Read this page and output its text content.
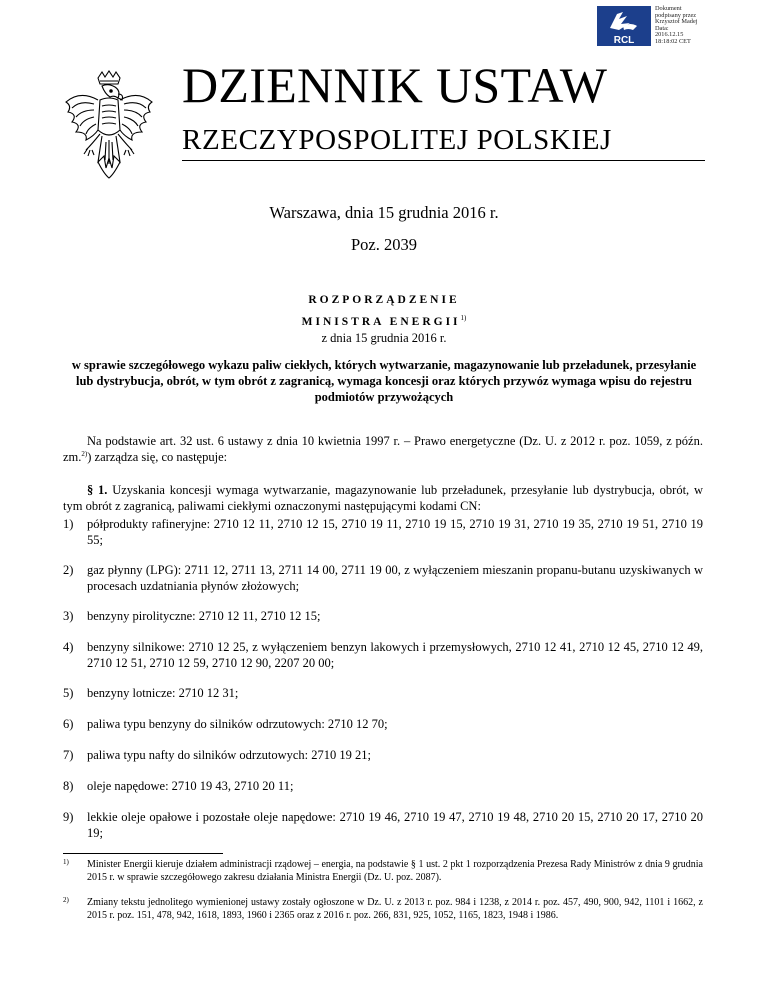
RCL
Dokument
podpisany przez
Krzysztof Madej
Data:
2016.12.15
18:18:02 CET
DZIENNIK USTAW
RZECZYPOSPOLITEJ POLSKIEJ
Warszawa, dnia 15 grudnia 2016 r.
Poz. 2039
ROZPORZĄDZENIE
MINISTRA ENERGII$^{1)}$
z dnia 15 grudnia 2016 r.
w sprawie szczegółowego wykazu paliw ciekłych, których wytwarzanie, magazynowanie lub przeładunek, przesyłanie lub dystrybucja, obrót, w tym obrót z zagranicą, wymaga koncesji oraz których przywóz wymaga wpisu do rejestru podmiotów przywożących
Na podstawie art. 32 ust. 6 ustawy z dnia 10 kwietnia 1997 r. – Prawo energetyczne (Dz. U. z 2012 r. poz. 1059, z późn. zm.$^{2)}$) zarządza się, co następuje:
§ 1. Uzyskania koncesji wymaga wytwarzanie, magazynowanie lub przeładunek, przesyłanie lub dystrybucja, obrót, w tym obrót z zagranicą, paliwami ciekłymi oznaczonymi następującymi kodami CN:
1) półprodukty rafineryjne: 2710 12 11, 2710 12 15, 2710 19 11, 2710 19 15, 2710 19 31, 2710 19 35, 2710 19 51, 2710 19 55;
2) gaz płynny (LPG): 2711 12, 2711 13, 2711 14 00, 2711 19 00, z wyłączeniem mieszanin propanu-butanu uzyskiwanych w procesach uzdatniania płynów złożowych;
3) benzyny pirolityczne: 2710 12 11, 2710 12 15;
4) benzyny silnikowe: 2710 12 25, z wyłączeniem benzyn lakowych i przemysłowych, 2710 12 41, 2710 12 45, 2710 12 49, 2710 12 51, 2710 12 59, 2710 12 90, 2207 20 00;
5) benzyny lotnicze: 2710 12 31;
6) paliwa typu benzyny do silników odrzutowych: 2710 12 70;
7) paliwa typu nafty do silników odrzutowych: 2710 19 21;
8) oleje napędowe: 2710 19 43, 2710 20 11;
9) lekkie oleje opałowe i pozostałe oleje napędowe: 2710 19 46, 2710 19 47, 2710 19 48, 2710 20 15, 2710 20 17, 2710 20 19;
1) Minister Energii kieruje działem administracji rządowej – energia, na podstawie § 1 ust. 2 pkt 1 rozporządzenia Prezesa Rady Ministrów z dnia 9 grudnia 2015 r. w sprawie szczegółowego zakresu działania Ministra Energii (Dz. U. poz. 2087).
2) Zmiany tekstu jednolitego wymienionej ustawy zostały ogłoszone w Dz. U. z 2013 r. poz. 984 i 1238, z 2014 r. poz. 457, 490, 900, 942, 1101 i 1662, z 2015 r. poz. 151, 478, 942, 1618, 1893, 1960 i 2365 oraz z 2016 r. poz. 266, 831, 925, 1052, 1165, 1823, 1948 i 1986.
